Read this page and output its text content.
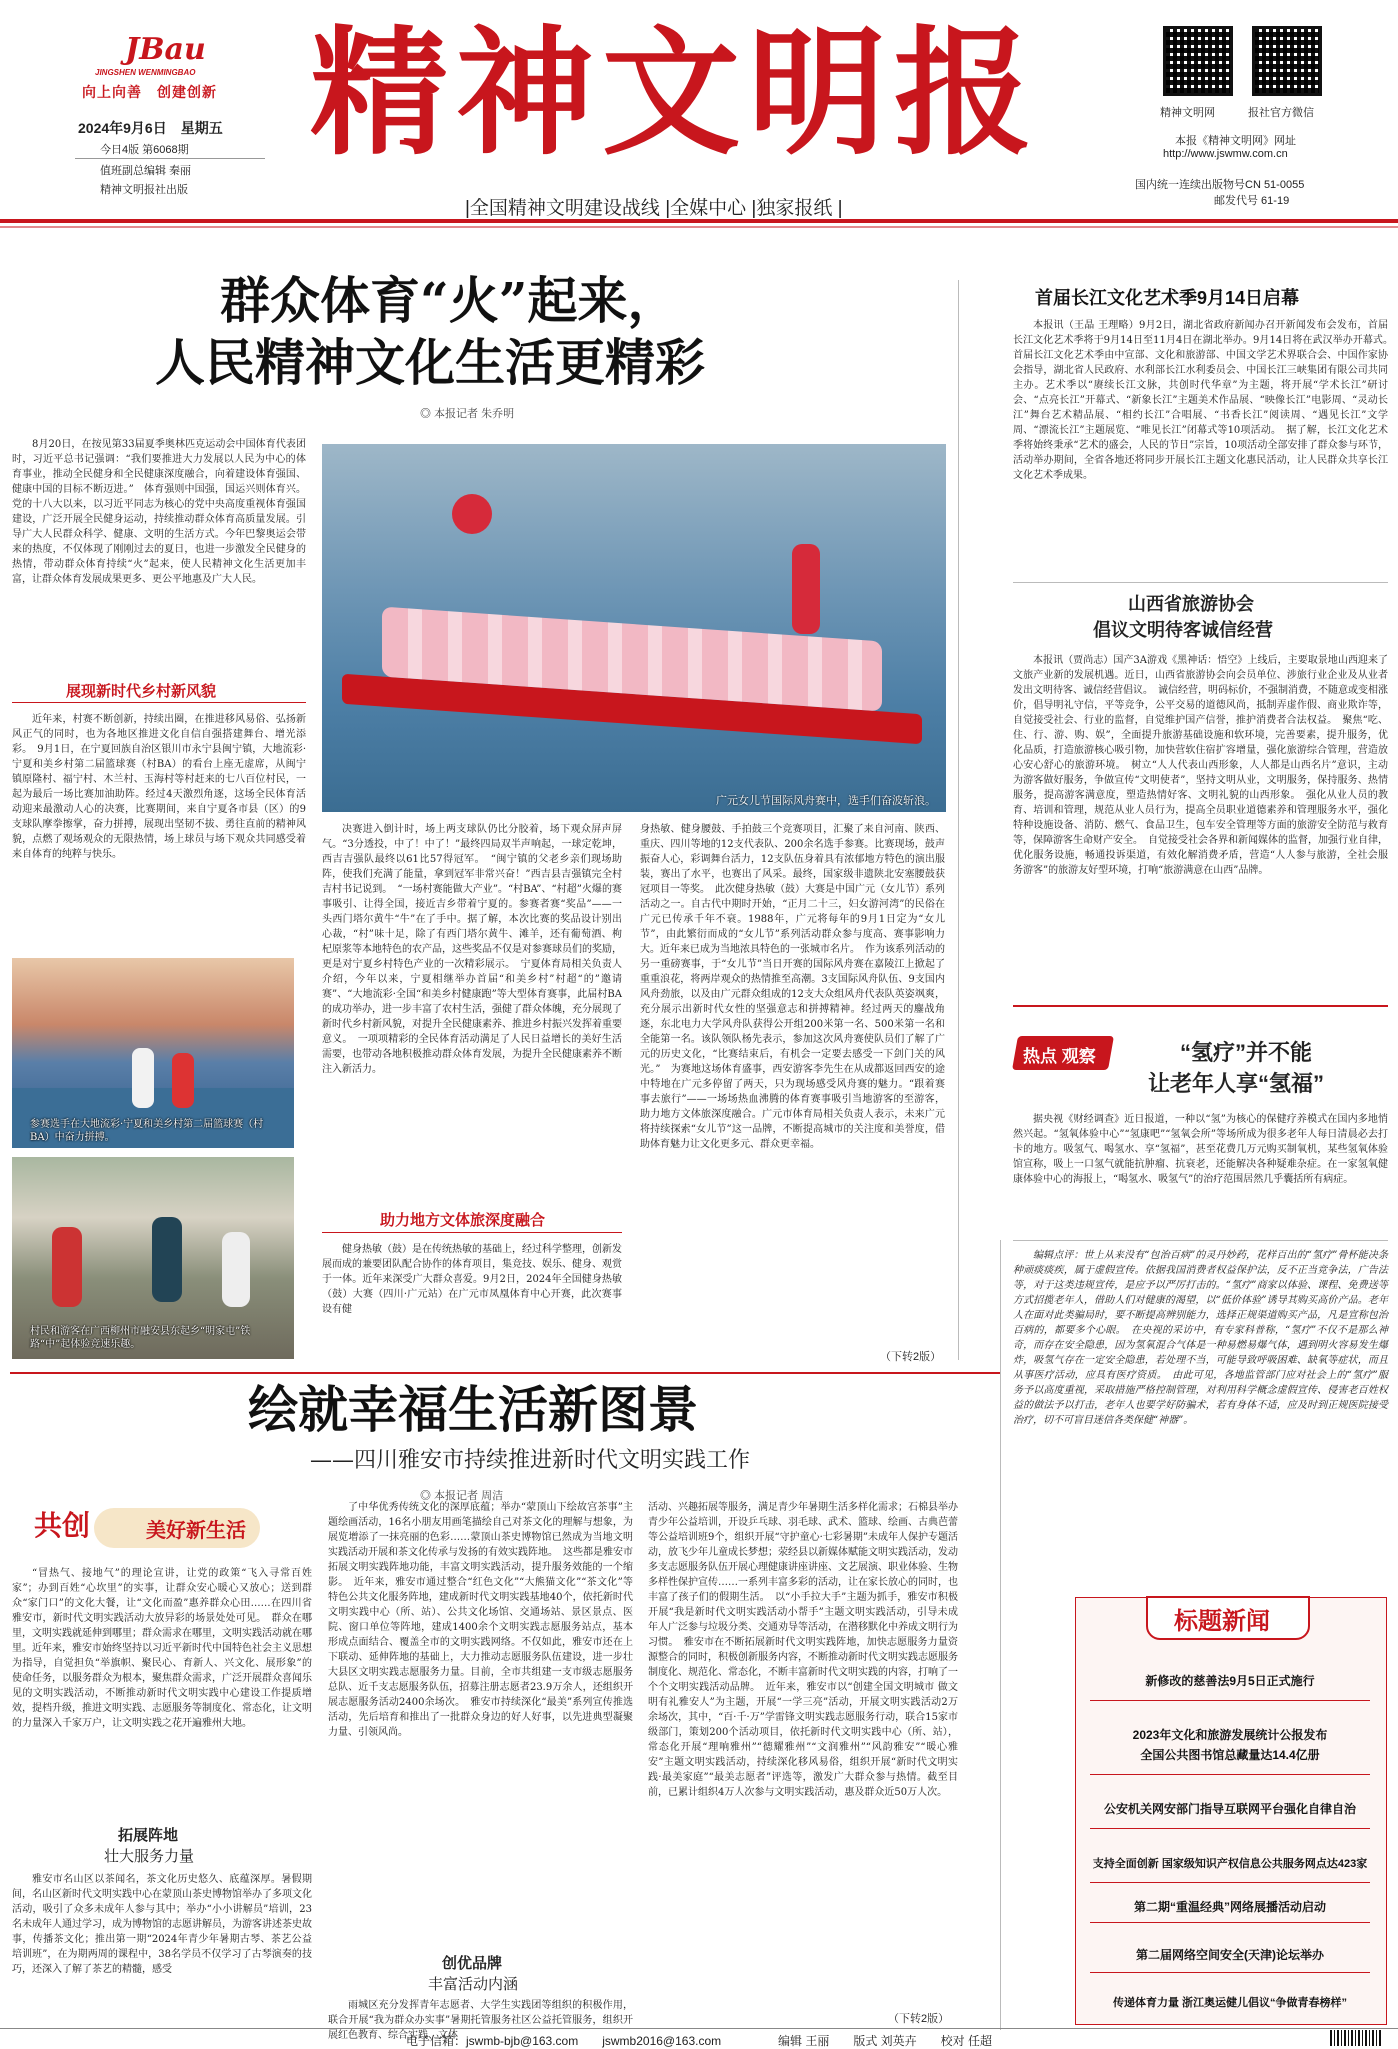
JBau
JINGSHEN WENMINGBAO
向上向善　创建创新
2024年9月6日　星期五
今日4版 第6068期
值班副总编辑 秦丽
精神文明报社出版
精神文明报	精神文明网	报社官方微信
本报《精神文明网》网址
http://www.jswmw.com.cn
国内统一连续出版物号CN 51-0055
邮发代号 61-19
|全国精神文明建设战线 |全媒中心 |独家报纸 |
群众体育“火”起来，
人民精神文化生活更精彩
◎ 本报记者 朱乔明
8月20日，在按见第33届夏季奥林匹克运动会中国体育代表团时，习近平总书记强调：“我们要推进大力发展以人民为中心的体育事业，推动全民健身和全民健康深度融合，向着建设体育强国、健康中国的目标不断迈进。”　体育强则中国强，国运兴则体育兴。党的十八大以来，以习近平同志为核心的党中央高度重视体育强国建设，广泛开展全民健身运动，持续推动群众体育高质量发展。引导广大人民群众科学、健康、文明的生活方式。今年巴黎奥运会带来的热度，不仅体现了刚刚过去的夏日，也进一步激发全民健身的热情，带动群众体育持续“火”起来，使人民精神文化生活更加丰富，让群众体育发展成果更多、更公平地惠及广大人民。
展现新时代乡村新风貌
近年来，村赛不断创新，持续出圈，在推进移风易俗、弘扬新风正气的同时，也为各地区推进文化自信自强搭建舞台、增光添彩。　9月1日，在宁夏回族自治区银川市永宁县闽宁镇，大地流彩·宁夏和美乡村第二届篮球赛（村BA）的看台上座无虚席，从闽宁镇原隆村、福宁村、木兰村、玉海村等村赶来的七八百位村民，一起为最后一场比赛加油助阵。经过4天激烈角逐，这场全民体育活动迎来最激动人心的决赛，比赛期间，来自宁夏各市县（区）的9支球队摩拳擦掌，奋力拼搏，展现出坚韧不拔、勇往直前的精神风貌，点燃了观场观众的无限热情，场上球员与场下观众共同感受着来自体育的纯粹与快乐。
参赛选手在大地流彩·宁夏和美乡村第二届篮球赛（村BA）中奋力拼搏。
村民和游客在广西柳州市融安县东起乡“明家屯”铁路“中”起体验竞速乐趣。
广元女儿节国际风舟赛中，选手们奋波斩浪。
决赛进入倒计时，场上两支球队仍比分胶着，场下观众屏声屏气。“3分透投，中了！中了！”最终四局双半声响起，一球定乾坤，西吉吉强队最终以61比57得冠军。　“闽宁镇的父老乡亲们现场助阵，使我们充满了能量，拿到冠军非常兴奋！”西吉县吉强镇完全村吉村书记说到。　“一场村赛能做大产业”。“村BA”、“村超”火爆的赛事吸引、让得全国，接近吉乡带着宁夏的。参赛者赛“奖品”——一头西门塔尔黄牛“牛”在了手中。据了解，本次比赛的奖品设计别出心裁，“村”味十足，除了有西门塔尔黄牛、滩羊，还有葡萄酒、枸杞原浆等本地特色的农产品，这些奖品不仅是对参赛球员们的奖励，更是对宁夏乡村特色产业的一次精彩展示。　宁夏体育局相关负责人介绍，今年以来，宁夏相继举办首届“和美乡村”村超“的”邀请赛”、“大地流彩·全国“和美乡村健康跑”等大型体育赛事，此届村BA的成功举办，进一步丰富了农村生活，强健了群众体魄，充分展现了新时代乡村新风貌，对提升全民健康素养、推进乡村振兴发挥着重要意义。　一项项精彩的全民体育活动满足了人民日益增长的美好生活需要，也带动各地积极推动群众体育发展，为提升全民健康素养不断注入新活力。
助力地方文体旅深度融合
健身热敏（鼓）是在传统热敏的基础上，经过科学整理，创新发展而成的兼要团队配合协作的体育项目，集竞技、娱乐、健身、观赏于一体。近年来深受广大群众喜爱。9月2日，2024年全国健身热敏（鼓）大赛（四川·广元站）在广元市凤凰体育中心开赛，此次赛事设有健
身热敏、健身腰鼓、手拍鼓三个竞赛项目，汇聚了来自河南、陕西、重庆、四川等地的12支代表队、200余名选手参赛。比赛现场，鼓声振奋人心，彩调舞台活力，12支队伍身着具有浓郁地方特色的演出服装，赛出了水平，也赛出了风采。最终，国家级非遗陕北安塞腰鼓获冠项目一等奖。　此次健身热敏（鼓）大赛是中国广元（女儿节）系列活动之一。自古代中期时开始，“正月二十三，妇女游河湾”的民俗在广元已传承千年不衰。1988年，广元将每年的9月1日定为“女儿节”，由此繁衍而成的“女儿节”系列活动群众参与度高、赛事影响力大。近年来已成为当地浓具特色的一张城市名片。　作为该系列活动的另一重磅赛事，于“女儿节”当日开赛的国际风舟赛在嘉陵江上掀起了重重浪花，将两岸观众的热情推至高潮。3支国际风舟队伍、9支国内风舟劲旅，以及由广元群众组成的12支大众组风舟代表队英姿飒爽，充分展示出新时代女性的坚强意志和拼搏精神。经过两天的鏖战角逐，东北电力大学风舟队获得公开组200米第一名、500米第一名和全能第一名。该队领队杨先表示，参加这次风舟赛使队员们了解了广元的历史文化，“比赛结束后，有机会一定要去感受一下剑门关的风光。”　为赛地这场体育盛事，西安游客李先生在从成都返回西安的途中特地在广元多停留了两天，只为现场感受风舟赛的魅力。“跟着赛事去旅行”——一场场热血沸腾的体育赛事吸引当地游客的至游客，助力地方文体旅深度融合。广元市体育局相关负责人表示，未来广元将持续探索“女儿节”这一品牌，不断提高城市的关注度和美誉度，借助体育魅力让文化更多元、群众更幸福。
（下转2版）
首届长江文化艺术季9月14日启幕
本报讯（王晶 王理略）9月2日，湖北省政府新闻办召开新闻发布会发布，首届长江文化艺术季将于9月14日至11月4日在湖北举办。9月14日将在武汉举办开幕式。　首届长江文化艺术季由中宣部、文化和旅游部、中国文学艺术界联合会、中国作家协会指导，湖北省人民政府、水利部长江水利委员会、中国长江三峡集团有限公司共同主办。艺术季以“赓续长江文脉，共创时代华章”为主题，将开展“学术长江”研讨会、“点亮长江”开幕式、“新象长江”主题美术作品展、“映像长江”电影周、“灵动长江”舞台艺术精品展、“相约长江”合唱展、“书香长江”阅读周、“遇见长江”文学周、“漂流长江”主题展览、“唯见长江”闭幕式等10项活动。　据了解，长江文化艺术季将始终秉承“艺术的盛会，人民的节日”宗旨，10项活动全部安排了群众参与环节，活动举办期间，全省各地还将同步开展长江主题文化惠民活动，让人民群众共享长江文化艺术季成果。
山西省旅游协会
倡议文明待客诚信经营
本报讯（贾尚志）国产3A游戏《黑神话：悟空》上线后，主要取景地山西迎来了文旅产业新的发展机遇。近日，山西省旅游协会向会员单位、涉旅行业企业及从业者发出文明待客、诚信经营倡议。　诚信经营，明码标价，不强制消费，不随意或变相涨价，倡导明礼守信，平等竞争，公平交易的道德风尚，抵制弄虚作假、商业欺诈等，自觉接受社会、行业的监督，自觉维护国产信誉，推护消费者合法权益。　聚焦“吃、住、行、游、购、娱”，全面提升旅游基础设施和软环境，完善要素，提升服务，优化品质，打造旅游核心吸引物，加快营软住宿扩容增量，强化旅游综合管理，营造放心安心舒心的旅游环境。　树立“人人代表山西形象，人人都是山西名片”意识，主动为游客做好服务，争做宣传“文明使者”，坚持文明从业，文明服务，保持服务、热情服务，提高游客满意度，塑造热情好客、文明礼貌的山西形象。　强化从业人员的教育、培训和管理，规范从业人员行为，提高全员职业道德素养和管理服务水平，强化特种设施设备、消防、燃气、食品卫生，包车安全管理等方面的旅游安全防范与救育等，保障游客生命财产安全。　自觉接受社会各界和新闻媒体的监督，加强行业自律，优化服务设施，畅通投诉渠道，有效化解消费矛盾，营造“人人参与旅游，全社会服务游客”的旅游友好型环境，打响“旅游满意在山西”品牌。
热点 观察	“氢疗”并不能
让老年人享“氢福”
据央视《财经调查》近日报道，一种以“氢”为核心的保健疗养模式在国内多地悄然兴起。“氢氧体验中心”“氢康吧”“氢氧会所”等场所成为很多老年人每日清晨必去打卡的地方。吸氢气、喝氢水、享“氢福”，甚至花费几万元购买制氧机，某些氢氧体验馆宣称，吸上一口氢气就能抗肿瘤、抗衰老，还能解决各种疑难杂症。在一家氢氧健康体验中心的海报上，“喝氢水、吸氢气”的治疗范围居然几乎囊括所有病症。
编辑点评：世上从来没有“包治百病”的灵丹妙药，花样百出的“氢疗”骨杯能决条种顽痰痰疾，属于虚假宣传。依据我国消费者权益保护法，反不正当竞争法，广告法等，对于这类违规宣传，是应予以严厉打击的。“氢疗”商家以体验、课程、免费送等方式招揽老年人，借助人们对健康的渴望，以“低价体验”诱导其购买高价产品。老年人在面对此类骗局时，要不断提高辨别能力，选择正规渠道购买产品，凡是宣称包治百病的，都要多个心眼。　在央视的采访中，有专家科普称，“氢疗”不仅不是那么神奇，而存在安全隐患，因为氢氧混合气体是一种易燃易爆气体，遇到明火容易发生爆炸，吸氢气存在一定安全隐患，若处理不当，可能导致呼吸困难、缺氧等症状，而且从事医疗活动，应具有医疗资质。　由此可见，各地监管部门应对社会上的“氢疗”服务予以高度重视，采取措施严格控制管理，对利用科学概念虚假宣传、侵害老百姓权益的做法予以打击，老年人也要学好防骗术，若有身体不适，应及时到正规医院接受治疗，切不可盲目迷信各类保健“神器”。
标题新闻
新修改的慈善法9月5日正式施行
2023年文化和旅游发展统计公报发布
全国公共图书馆总藏量达14.4亿册
公安机关网安部门指导互联网平台强化自律自治
支持全面创新 国家级知识产权信息公共服务网点达423家
第二期“重温经典”网络展播活动启动
第二届网络空间安全(天津)论坛举办
传递体育力量 浙江奥运健儿倡议“争做青春榜样”
绘就幸福生活新图景
——四川雅安市持续推进新时代文明实践工作
◎ 本报记者 周洁
共创	美好新生活
“冒热气、接地气”的理论宣讲，让党的政策“飞入寻常百姓家”；办到百姓“心坎里”的实事，让群众安心暖心又放心；送到群众“家门口”的文化大餐，让“文化而盈”惠养群众心田……在四川省雅安市，新时代文明实践活动大放异彩的场景处处可见。　群众在哪里，文明实践就延伸到哪里；群众需求在哪里，文明实践活动就在哪里。近年来，雅安市始终坚持以习近平新时代中国特色社会主义思想为指导，自觉担负“举旗帜、聚民心、育新人、兴文化、展形象”的使命任务，以服务群众为根本，聚焦群众需求，广泛开展群众喜闻乐见的文明实践活动，不断推动新时代文明实践中心建设工作提质增效，提档升级，推进文明实践、志愿服务等制度化、常态化，让文明的力量深入千家万户，让文明实践之花开遍雅州大地。
拓展阵地
壮大服务力量
雅安市名山区以茶闻名，茶文化历史悠久、底蕴深厚。暑假期间，名山区新时代文明实践中心在蒙顶山茶史博物馆举办了多项文化活动，吸引了众多未成年人参与其中；举办“小小讲解员”培训，23名未成年人通过学习，成为博物馆的志愿讲解员，为游客讲述茶史故事，传播茶文化；推出第一期“2024年青少年暑期古琴、茶艺公益培训班”，在为期两周的课程中，38名学员不仅学习了古琴演奏的技巧，还深入了解了茶艺的精髓，感受
了中华优秀传统文化的深厚底蕴；举办“蒙顶山下绘故宫茶事”主题绘画活动，16名小朋友用画笔描绘自己对茶文化的理解与想象，为展览增添了一抹亮丽的色彩……蒙顶山茶史博物馆已然成为当地文明实践活动开展和茶文化传承与发扬的有效实践阵地。　这些都是雅安市拓展文明实践阵地功能，丰富文明实践活动，提升服务效能的一个缩影。　近年来，雅安市通过整合“红色文化”“大熊猫文化”“茶文化”等特色公共文化服务阵地，建成新时代文明实践基地40个，依托新时代文明实践中心（所、站）、公共文化场馆、交通场站、景区景点、医院、窗口单位等阵地，建成1400余个文明实践志愿服务站点，基本形成点面结合、覆盖全市的文明实践网络。不仅如此，雅安市还在上下联动、延伸阵地的基础上，大力推动志愿服务队伍建设，进一步壮大县区文明实践志愿服务力量。目前，全市共组建一支市级志愿服务总队、近千支志愿服务队伍，招募注册志愿者23.9万余人，还组织开展志愿服务活动2400余场次。　雅安市持续深化“最美”系列宣传推选活动，先后培育和推出了一批群众身边的好人好事，以先进典型凝聚力量、引领风尚。
创优品牌
丰富活动内涵
雨城区充分发挥青年志愿者、大学生实践团等组织的积极作用，联合开展“我为群众办实事”暑期托管服务社区公益托管服务，组织开展红色教育、综合实践、文体
活动、兴趣拓展等服务，满足青少年暑期生活多样化需求；石棉县举办青少年公益培训，开设乒乓球、羽毛球、武术、篮球、绘画、古典芭蕾等公益培训班9个，组织开展“守护童心·七彩暑期”未成年人保护专题活动，放飞少年儿童成长梦想；荥经县以新媒体赋能文明实践活动，发动多支志愿服务队伍开展心理健康讲座讲座、文艺展演、职业体验、生物多样性保护宣传……一系列丰富多彩的活动，让在家长放心的同时，也丰富了孩子们的假期生活。　以“小手拉大手”主题为抓手，雅安市积极开展“我是新时代文明实践活动小帮手”主题文明实践活动，引导未成年人广泛参与垃圾分类、交通劝导等活动，在潜移默化中养成文明行为习惯。　雅安市在不断拓展新时代文明实践阵地，加快志愿服务力量资源整合的同时，积极创新服务内容，不断推动新时代文明实践志愿服务制度化、规范化、常态化，不断丰富新时代文明实践的内容，打响了一个个文明实践活动品牌。　近年来，雅安市以“创建全国文明城市 做文明有礼雅安人”为主题，开展“一学三亮”活动，开展文明实践活动2万余场次，其中，“百·千·万”学雷锋文明实践志愿服务行动，联合15家市级部门，策划200个活动项目，依托新时代文明实践中心（所、站），常态化开展“理响雅州”“德耀雅州”“文润雅州”“风韵雅安”“暖心雅安”主题文明实践活动，持续深化移风易俗，组织开展“新时代文明实践·最美家庭”“最美志愿者”评选等，激发广大群众参与热情。截至目前，已累计组织4万人次参与文明实践活动，惠及群众近50万人次。
（下转2版）
电子信箱：jswmb-bjb@163.com　　jswmb2016@163.com	编辑 王丽　　版式 刘英卉　　校对 任超
